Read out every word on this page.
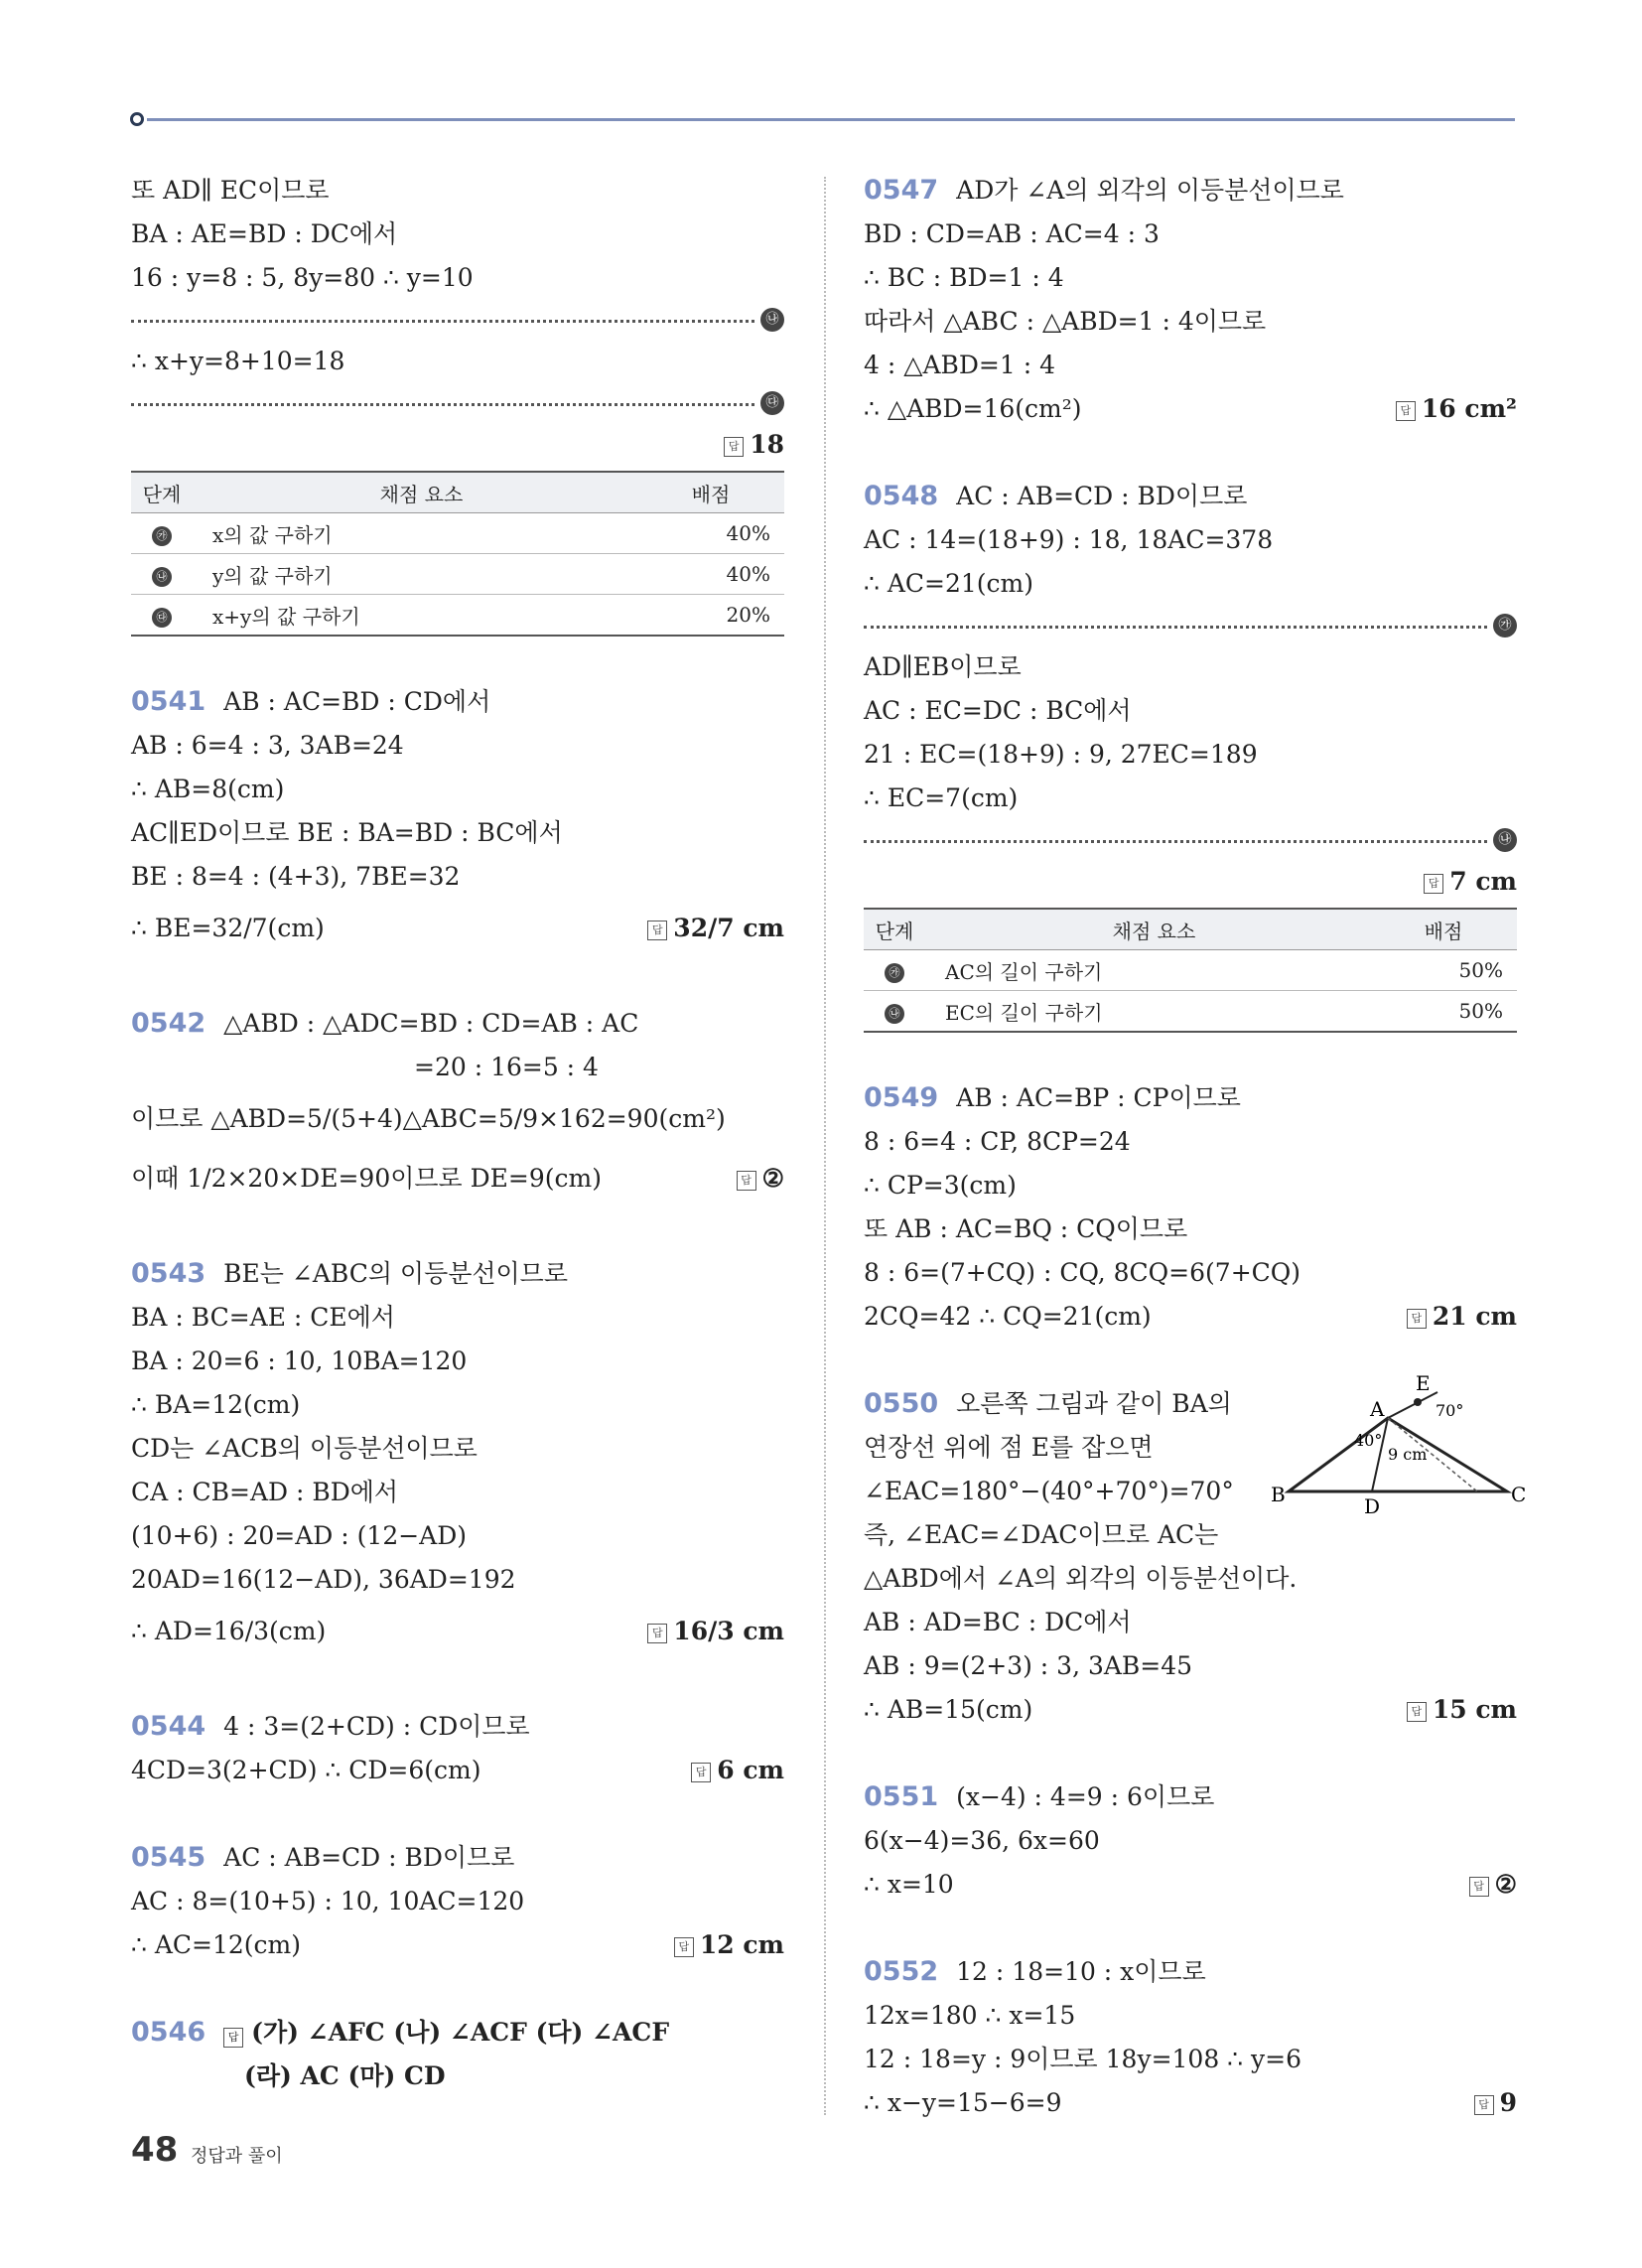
또 AD∥ EC이므로
BA : AE=BD : DC에서
16 : y=8 : 5, 8y=80 ∴ y=10
㉯
∴ x+y=8+10=18
㉰
답 18
단계	채점 요소	배점
㉮	x의 값 구하기	40%
㉯	y의 값 구하기	40%
㉰	x+y의 값 구하기	20%
0541 AB : AC=BD : CD에서
AB : 6=4 : 3, 3AB=24
∴ AB=8(cm)
AC∥ED이므로 BE : BA=BD : BC에서
BE : 8=4 : (4+3), 7BE=32
∴ BE=32/7(cm)	답 32/7 cm
0542 △ABD : △ADC=BD : CD=AB : AC
=20 : 16=5 : 4
이므로 △ABD=5/(5+4)△ABC=5/9×162=90(cm²)
이때 1/2×20×DE=90이므로 DE=9(cm)	답 ②
0543 BE는 ∠ABC의 이등분선이므로
BA : BC=AE : CE에서
BA : 20=6 : 10, 10BA=120
∴ BA=12(cm)
CD는 ∠ACB의 이등분선이므로
CA : CB=AD : BD에서
(10+6) : 20=AD : (12−AD)
20AD=16(12−AD), 36AD=192
∴ AD=16/3(cm)	답 16/3 cm
0544 4 : 3=(2+CD) : CD이므로
4CD=3(2+CD) ∴ CD=6(cm)	답 6 cm
0545 AC : AB=CD : BD이므로
AC : 8=(10+5) : 10, 10AC=120
∴ AC=12(cm)	답 12 cm
0546 답 (가) ∠AFC (나) ∠ACF (다) ∠ACF
(라) AC (마) CD
0547 AD가 ∠A의 외각의 이등분선이므로
BD : CD=AB : AC=4 : 3
∴ BC : BD=1 : 4
따라서 △ABC : △ABD=1 : 4이므로
4 : △ABD=1 : 4
∴ △ABD=16(cm²)	답 16 cm²
0548 AC : AB=CD : BD이므로
AC : 14=(18+9) : 18, 18AC=378
∴ AC=21(cm)
㉮
AD∥EB이므로
AC : EC=DC : BC에서
21 : EC=(18+9) : 9, 27EC=189
∴ EC=7(cm)
㉯
답 7 cm
단계	채점 요소	배점
㉮	AC의 길이 구하기	50%
㉯	EC의 길이 구하기	50%
0549 AB : AC=BP : CP이므로
8 : 6=4 : CP, 8CP=24
∴ CP=3(cm)
또 AB : AC=BQ : CQ이므로
8 : 6=(7+CQ) : CQ, 8CQ=6(7+CQ)
2CQ=42 ∴ CQ=21(cm)	답 21 cm
E
A
B	C
D
70°
40°
9 cm
0550 오른쪽 그림과 같이 BA의
연장선 위에 점 E를 잡으면
∠EAC=180°−(40°+70°)=70°
즉, ∠EAC=∠DAC이므로 AC는
△ABD에서 ∠A의 외각의 이등분선이다.
AB : AD=BC : DC에서
AB : 9=(2+3) : 3, 3AB=45
∴ AB=15(cm)	답 15 cm
0551 (x−4) : 4=9 : 6이므로
6(x−4)=36, 6x=60
∴ x=10	답 ②
0552 12 : 18=10 : x이므로
12x=180 ∴ x=15
12 : 18=y : 9이므로 18y=108 ∴ y=6
∴ x−y=15−6=9	답 9
48 정답과 풀이
